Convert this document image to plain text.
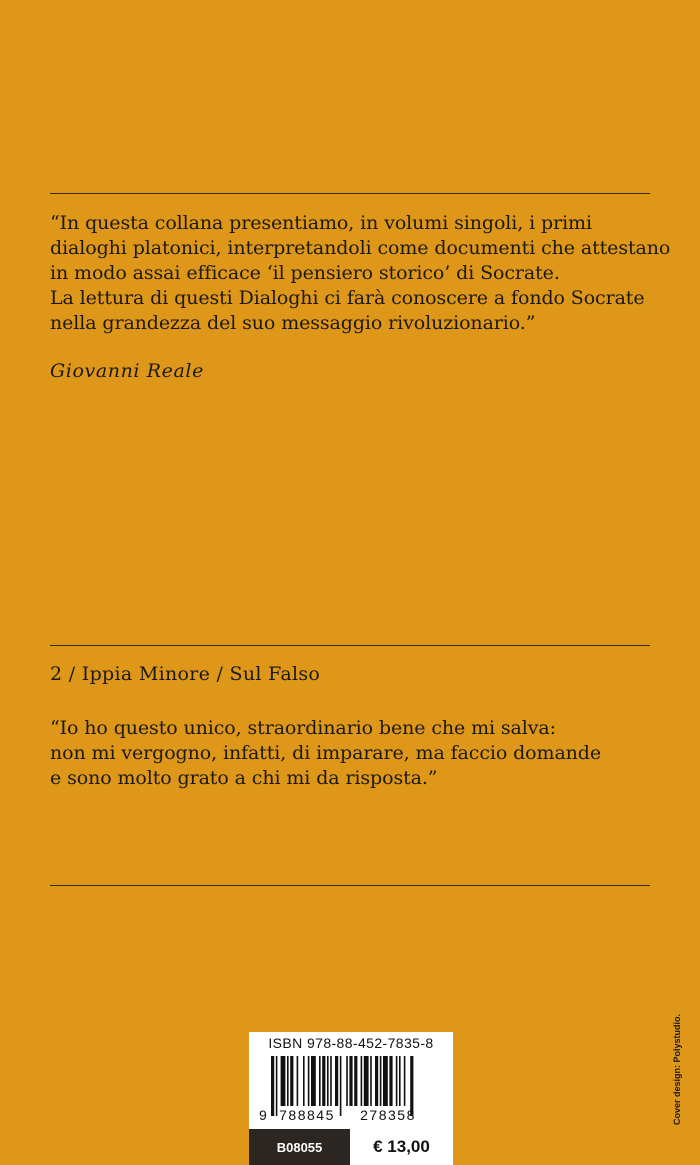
“In questa collana presentiamo, in volumi singoli, i primi
dialoghi platonici, interpretandoli come documenti che attestano
in modo assai efficace ‘il pensiero storico’ di Socrate.
La lettura di questi Dialoghi ci farà conoscere a fondo Socrate
nella grandezza del suo messaggio rivoluzionario.”
Giovanni Reale
2 / Ippia Minore / Sul Falso
“Io ho questo unico, straordinario bene che mi salva:
non mi vergogno, infatti, di imparare, ma faccio domande
e sono molto grato a chi mi da risposta.”
9 788845 278358
ISBN 978-88-452-7835-8
B08055	€ 13,00
Cover design: Polystudio.
